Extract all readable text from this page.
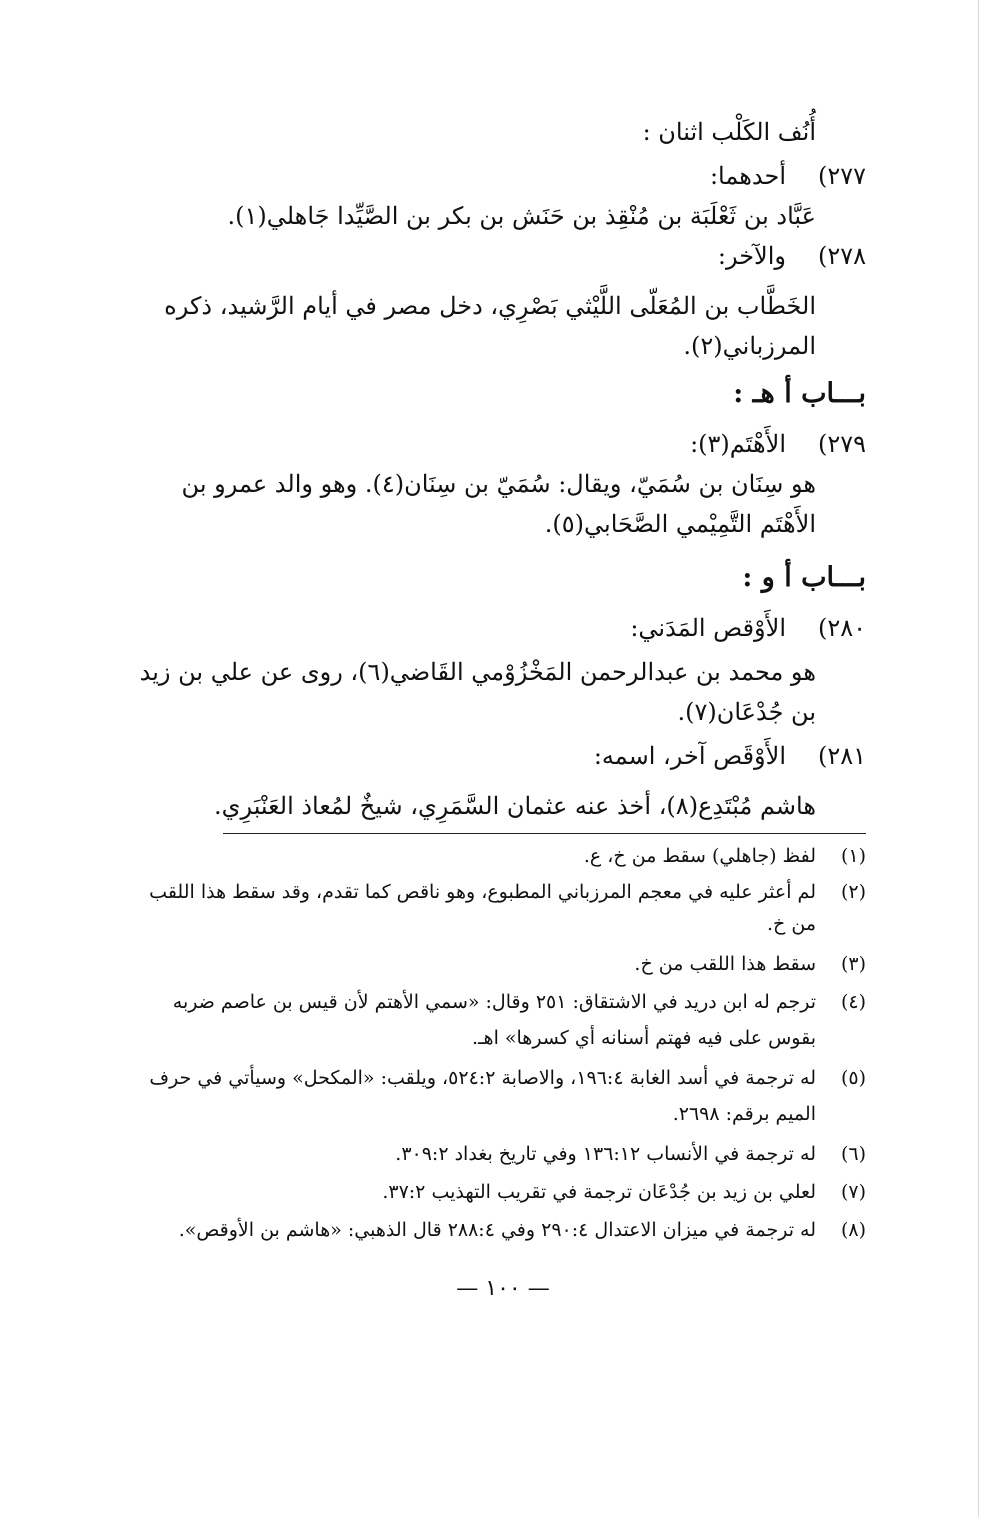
أُنُف الكَلْب اثنان :
٢٧٧)أحدهما:
عَبَّاد بن ثَعْلَبَة بن مُنْقِذ بن حَنَش بن بكر بن الصَّيِّدا جَاهلي(١).
٢٧٨)والآخر:
الخَطَّاب بن المُعَلّى اللَّيْثي بَصْرِي، دخل مصر في أيام الرَّشيد، ذكره
المرزباني(٢).
بـــاب أ هـ :
٢٧٩)الأَهْتَم(٣):
هو سِنَان بن سُمَيّ، ويقال: سُمَيّ بن سِنَان(٤). وهو والد عمرو بن
الأَهْتَم التَّمِيْمي الصَّحَابي(٥).
بـــاب أ و :
٢٨٠)الأَوْقص المَدَني:
هو محمد بن عبدالرحمن المَخْزُوْمي القَاضي(٦)، روى عن علي بن زيد
بن جُدْعَان(٧).
٢٨١)الأَوْقَص آخر، اسمه:
هاشم مُبْتَدِع(٨)، أخذ عنه عثمان السَّمَرِي، شيخٌ لمُعاذ العَنْبَرِي.
(١)لفظ (جاهلي) سقط من خ، ع.
(٢)لم أعثر عليه في معجم المرزباني المطبوع، وهو ناقص كما تقدم، وقد سقط هذا اللقب
من خ.
(٣)سقط هذا اللقب من خ.
(٤)ترجم له ابن دريد في الاشتقاق: ٢٥١ وقال: «سمي الأهتم لأن قيس بن عاصم ضربه
بقوس على فيه فهتم أسنانه أي كسرها» اهـ.
(٥)له ترجمة في أسد الغابة ١٩٦:٤، والاصابة ٥٢٤:٢، ويلقب: «المكحل» وسيأتي في حرف
الميم برقم: ٢٦٩٨.
(٦)له ترجمة في الأنساب ١٣٦:١٢ وفي تاريخ بغداد ٣٠٩:٢.
(٧)لعلي بن زيد بن جُدْعَان ترجمة في تقريب التهذيب ٣٧:٢.
(٨)له ترجمة في ميزان الاعتدال ٢٩٠:٤ وفي ٢٨٨:٤ قال الذهبي: «هاشم بن الأوقص».
— ١٠٠ —
